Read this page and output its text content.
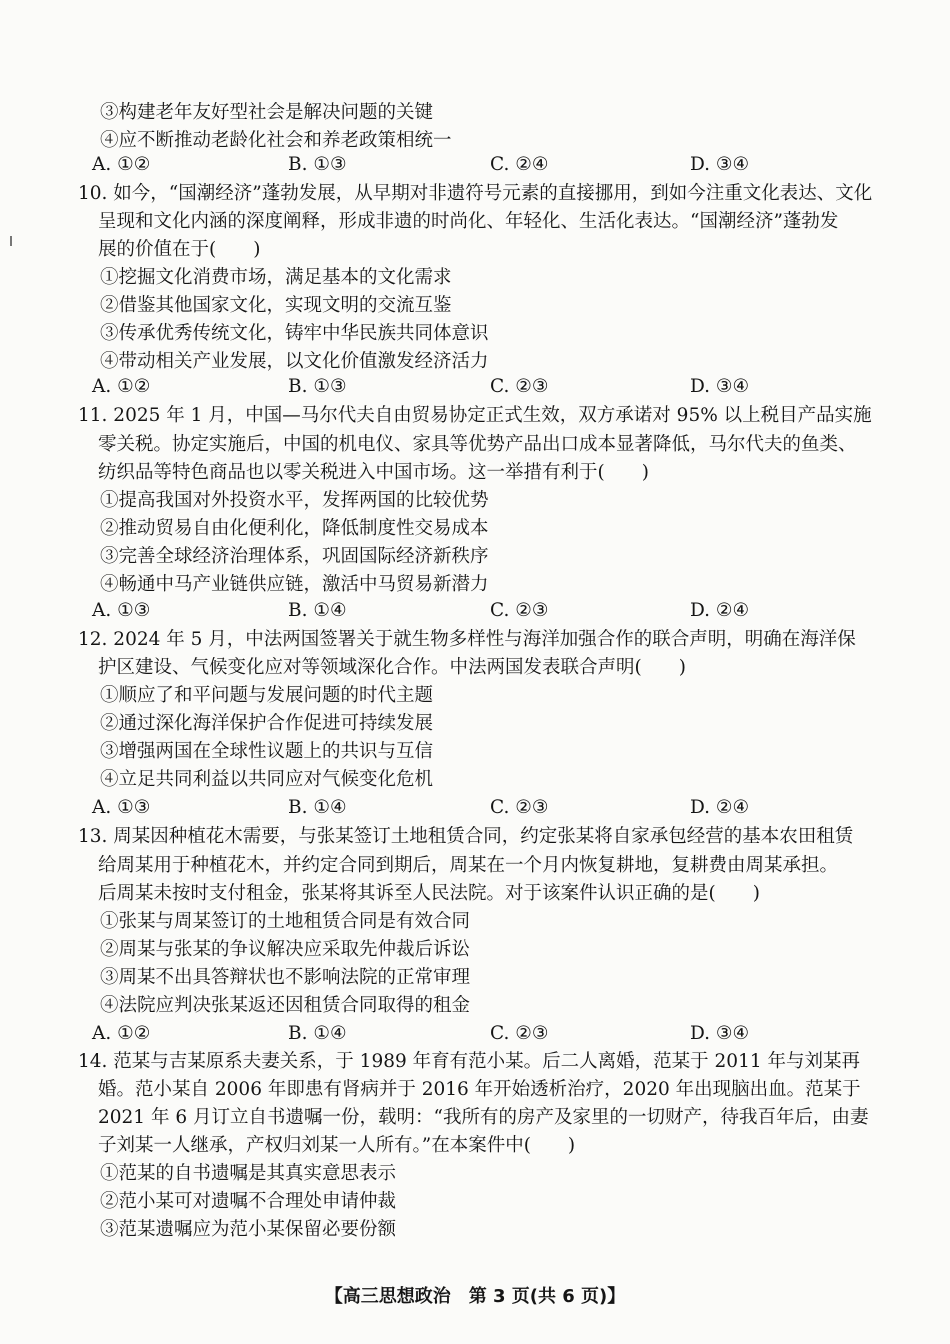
③构建老年友好型社会是解决问题的关键
④应不断推动老龄化社会和养老政策相统一
A. ①②	B. ①③	C. ②④	D. ③④
10. 如今，“国潮经济”蓬勃发展，从早期对非遗符号元素的直接挪用，到如今注重文化表达、文化
呈现和文化内涵的深度阐释，形成非遗的时尚化、年轻化、生活化表达。“国潮经济”蓬勃发
展的价值在于(　　)
①挖掘文化消费市场，满足基本的文化需求
②借鉴其他国家文化，实现文明的交流互鉴
③传承优秀传统文化，铸牢中华民族共同体意识
④带动相关产业发展，以文化价值激发经济活力
A. ①②	B. ①③	C. ②③	D. ③④
11. 2025 年 1 月，中国—马尔代夫自由贸易协定正式生效，双方承诺对 95% 以上税目产品实施
零关税。协定实施后，中国的机电仪、家具等优势产品出口成本显著降低，马尔代夫的鱼类、
纺织品等特色商品也以零关税进入中国市场。这一举措有利于(　　)
①提高我国对外投资水平，发挥两国的比较优势
②推动贸易自由化便利化，降低制度性交易成本
③完善全球经济治理体系，巩固国际经济新秩序
④畅通中马产业链供应链，激活中马贸易新潜力
A. ①③	B. ①④	C. ②③	D. ②④
12. 2024 年 5 月，中法两国签署关于就生物多样性与海洋加强合作的联合声明，明确在海洋保
护区建设、气候变化应对等领域深化合作。中法两国发表联合声明(　　)
①顺应了和平问题与发展问题的时代主题
②通过深化海洋保护合作促进可持续发展
③增强两国在全球性议题上的共识与互信
④立足共同利益以共同应对气候变化危机
A. ①③	B. ①④	C. ②③	D. ②④
13. 周某因种植花木需要，与张某签订土地租赁合同，约定张某将自家承包经营的基本农田租赁
给周某用于种植花木，并约定合同到期后，周某在一个月内恢复耕地，复耕费由周某承担。
后周某未按时支付租金，张某将其诉至人民法院。对于该案件认识正确的是(　　)
①张某与周某签订的土地租赁合同是有效合同
②周某与张某的争议解决应采取先仲裁后诉讼
③周某不出具答辩状也不影响法院的正常审理
④法院应判决张某返还因租赁合同取得的租金
A. ①②	B. ①④	C. ②③	D. ③④
14. 范某与吉某原系夫妻关系，于 1989 年育有范小某。后二人离婚，范某于 2011 年与刘某再
婚。范小某自 2006 年即患有肾病并于 2016 年开始透析治疗，2020 年出现脑出血。范某于
2021 年 6 月订立自书遗嘱一份，载明：“我所有的房产及家里的一切财产，待我百年后，由妻
子刘某一人继承，产权归刘某一人所有。”在本案件中(　　)
①范某的自书遗嘱是其真实意思表示
②范小某可对遗嘱不合理处申请仲裁
③范某遗嘱应为范小某保留必要份额
【高三思想政治　第 3 页(共 6 页)】
